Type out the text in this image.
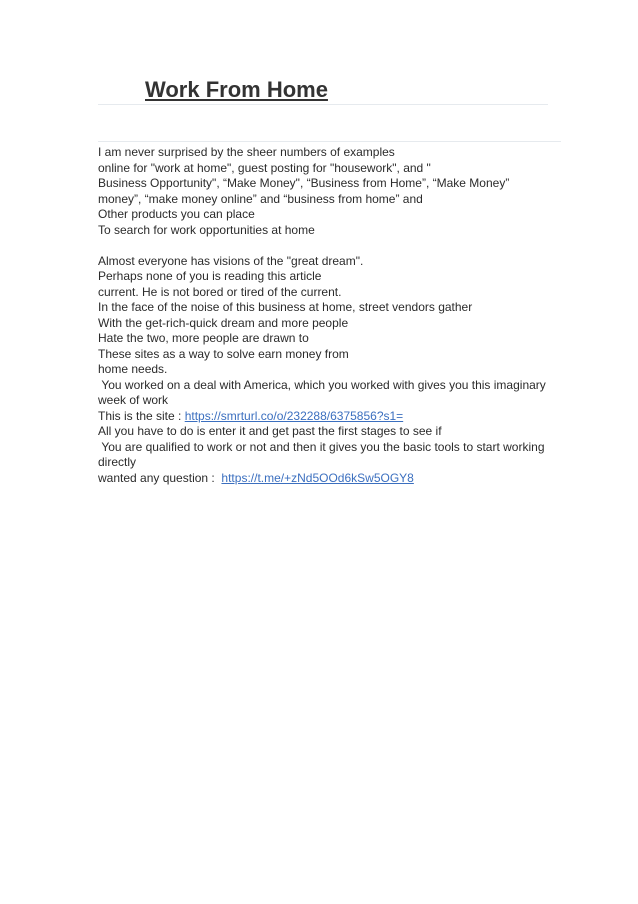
Work From Home
I am never surprised by the sheer numbers of examples
online for "work at home", guest posting for "housework", and "
Business Opportunity", “Make Money", “Business from Home”, “Make Money”
money”, “make money online” and “business from home” and
Other products you can place
To search for work opportunities at home
Almost everyone has visions of the "great dream".
Perhaps none of you is reading this article
current. He is not bored or tired of the current.
In the face of the noise of this business at home, street vendors gather
With the get-rich-quick dream and more people
Hate the two, more people are drawn to
These sites as a way to solve earn money from
home needs.
You worked on a deal with America, which you worked with gives you this imaginary week of work
This is the site : https://smrturl.co/o/232288/6375856?s1=
All you have to do is enter it and get past the first stages to see if
You are qualified to work or not and then it gives you the basic tools to start working directly
wanted any question :  https://t.me/+zNd5OOd6kSw5OGY8
